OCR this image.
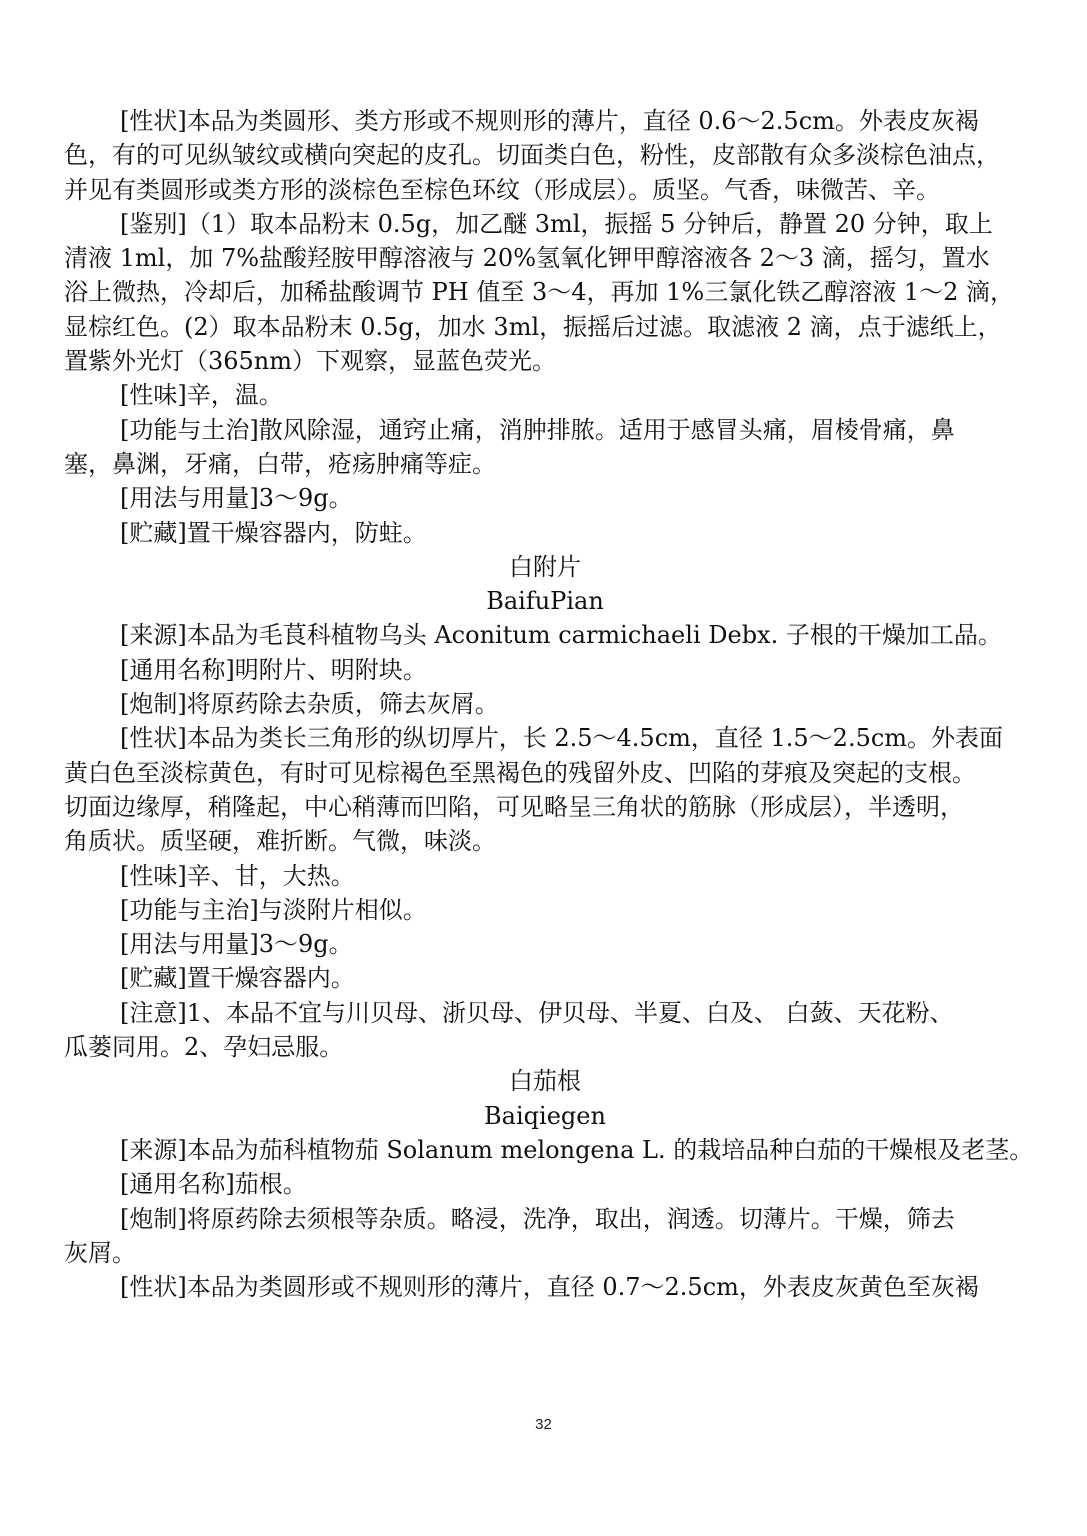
[性状]本品为类圆形、类方形或不规则形的薄片，直径 0.6～2.5cm。外表皮灰褐

色，有的可见纵皱纹或横向突起的皮孔。切面类白色，粉性，皮部散有众多淡棕色油点，

并见有类圆形或类方形的淡棕色至棕色环纹（形成层）。质坚。气香，味微苦、辛。

[鉴别]（1）取本品粉末 0.5g，加乙醚 3ml，振摇 5 分钟后，静置 20 分钟，取上

清液 1ml，加 7%盐酸羟胺甲醇溶液与 20%氢氧化钾甲醇溶液各 2～3 滴，摇匀，置水

浴上微热，冷却后，加稀盐酸调节 PH 值至 3～4，再加 1%三氯化铁乙醇溶液 1～2 滴，

显棕红色。(2）取本品粉末 0.5g，加水 3ml，振摇后过滤。取滤液 2 滴，点于滤纸上，

置紫外光灯（365nm）下观察，显蓝色荧光。

[性味]辛，温。

[功能与土治]散风除湿，通窍止痛，消肿排脓。适用于感冒头痛，眉棱骨痛，鼻

塞，鼻渊，牙痛，白带，疮疡肿痛等症。

[用法与用量]3～9g。

[贮藏]置干燥容器内，防蛀。

白附片

BaifuPian

[来源]本品为毛茛科植物乌头 Aconitum carmichaeli Debx. 子根的干燥加工品。

[通用名称]明附片、明附块。

[炮制]将原药除去杂质，筛去灰屑。

[性状]本品为类长三角形的纵切厚片，长 2.5～4.5cm，直径 1.5～2.5cm。外表面

黄白色至淡棕黄色，有时可见棕褐色至黑褐色的残留外皮、凹陷的芽痕及突起的支根。

切面边缘厚，稍隆起，中心稍薄而凹陷，可见略呈三角状的筋脉（形成层），半透明，

角质状。质坚硬，难折断。气微，味淡。

[性味]辛、甘，大热。

[功能与主治]与淡附片相似。

[用法与用量]3～9g。

[贮藏]置干燥容器内。

[注意]1、本品不宜与川贝母、浙贝母、伊贝母、半夏、白及、 白蔹、天花粉、

瓜蒌同用。2、孕妇忌服。

白茄根

Baiqiegen

[来源]本品为茄科植物茄 Solanum melongena L. 的栽培品种白茄的干燥根及老茎。

[通用名称]茄根。

[炮制]将原药除去须根等杂质。略浸，洗净，取出，润透。切薄片。干燥，筛去

灰屑。

[性状]本品为类圆形或不规则形的薄片，直径 0.7～2.5cm，外表皮灰黄色至灰褐

32
